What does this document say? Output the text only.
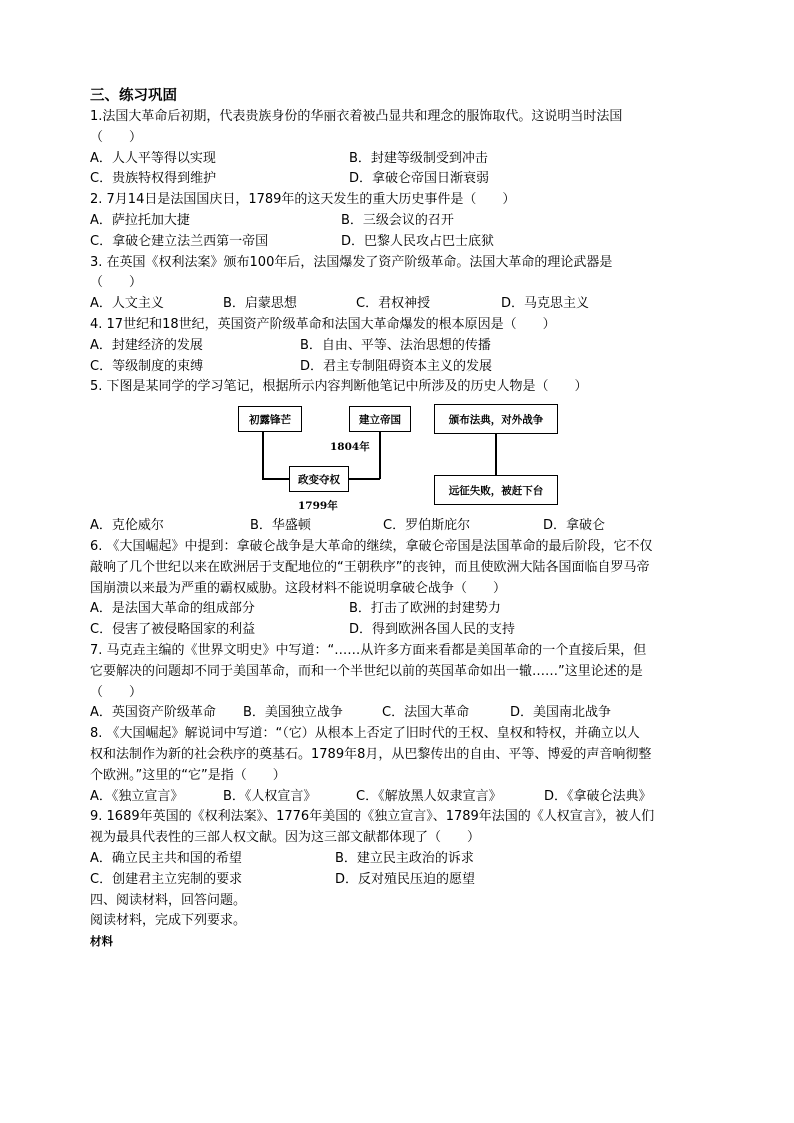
三、练习巩固
1.法国大革命后初期，代表贵族身份的华丽衣着被凸显共和理念的服饰取代。这说明当时法国
（　　）
A．人人平等得以实现	B．封建等级制受到冲击
C．贵族特权得到维护	D．拿破仑帝国日渐衰弱
2. 7月14日是法国国庆日，1789年的这天发生的重大历史事件是（　　）
A．萨拉托加大捷	B．三级会议的召开
C．拿破仑建立法兰西第一帝国	D．巴黎人民攻占巴士底狱
3. 在英国《权利法案》颁布100年后，法国爆发了资产阶级革命。法国大革命的理论武器是
（　　）
A．人文主义	B．启蒙思想	C．君权神授	D．马克思主义
4. 17世纪和18世纪，英国资产阶级革命和法国大革命爆发的根本原因是（　　）
A．封建经济的发展	B．自由、平等、法治思想的传播
C．等级制度的束缚	D．君主专制阻碍资本主义的发展
5. 下图是某同学的学习笔记，根据所示内容判断他笔记中所涉及的历史人物是（　　）
初露锋芒	建立帝国
政变夺权
颁布法典，对外战争
远征失败，被赶下台
1804年
1799年
A．克伦威尔	B．华盛顿	C．罗伯斯庇尔	D．拿破仑
6. 《大国崛起》中提到：拿破仑战争是大革命的继续，拿破仑帝国是法国革命的最后阶段，它不仅
敲响了几个世纪以来在欧洲居于支配地位的“王朝秩序”的丧钟，而且使欧洲大陆各国面临自罗马帝
国崩溃以来最为严重的霸权威胁。这段材料不能说明拿破仑战争（　　）
A．是法国大革命的组成部分	B．打击了欧洲的封建势力
C．侵害了被侵略国家的利益	D．得到欧洲各国人民的支持
7. 马克垚主编的《世界文明史》中写道：“……从许多方面来看都是美国革命的一个直接后果，但
它要解决的问题却不同于美国革命，而和一个半世纪以前的英国革命如出一辙……”这里论述的是
（　　）
A．英国资产阶级革命	B．美国独立战争	C．法国大革命	D．美国南北战争
8. 《大国崛起》解说词中写道：“（它）从根本上否定了旧时代的王权、皇权和特权，并确立以人
权和法制作为新的社会秩序的奠基石。1789年8月，从巴黎传出的自由、平等、博爱的声音响彻整
个欧洲。”这里的“它”是指（　　）
A．《独立宣言》	B．《人权宣言》	C．《解放黑人奴隶宣言》	D．《拿破仑法典》
9. 1689年英国的《权利法案》、1776年美国的《独立宣言》、1789年法国的《人权宣言》，被人们
视为最具代表性的三部人权文献。因为这三部文献都体现了（　　）
A．确立民主共和国的希望	B．建立民主政治的诉求
C．创建君主立宪制的要求	D．反对殖民压迫的愿望
四、阅读材料，回答问题。
阅读材料，完成下列要求。
材料
